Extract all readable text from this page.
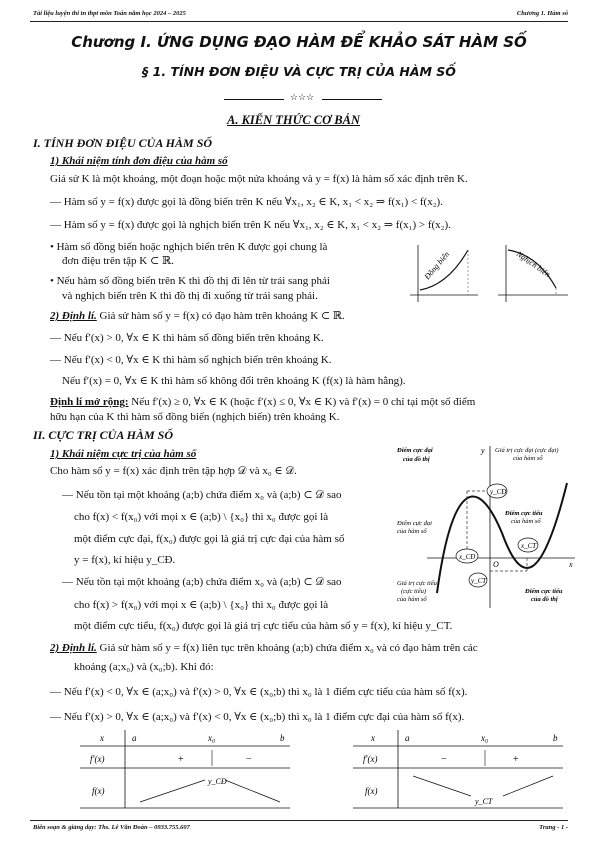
Tài liệu luyện thi tn thpt môn Toán năm học 2024 – 2025	Chương 1. Hàm số
Chương I. ỨNG DỤNG ĐẠO HÀM ĐỂ KHẢO SÁT HÀM SỐ
§ 1. TÍNH ĐƠN ĐIỆU VÀ CỰC TRỊ CỦA HÀM SỐ
☆☆☆
A. KIẾN THỨC CƠ BẢN
I. TÍNH ĐƠN ĐIỆU CỦA HÀM SỐ
1) Khái niệm tính đơn điệu của hàm số
Giả sử K là một khoảng, một đoạn hoặc một nửa khoảng và y = f(x) là hàm số xác định trên K.
— Hàm số y = f(x) được gọi là đồng biến trên K nếu ∀x₁, x₂ ∈ K, x₁ < x₂ ⇒ f(x₁) < f(x₂).
— Hàm số y = f(x) được gọi là nghịch biến trên K nếu ∀x₁, x₂ ∈ K, x₁ < x₂ ⇒ f(x₁) > f(x₂).
• Hàm số đồng biến hoặc nghịch biến trên K được gọi chung là
đơn điệu trên tập K ⊂ ℝ.
• Nếu hàm số đồng biến trên K thì đồ thị đi lên từ trái sang phải
và nghịch biến trên K thì đồ thị đi xuống từ trái sang phải.
Đồng biến	Nghịch biến
2) Định lí. Giả sử hàm số y = f(x) có đạo hàm trên khoảng K ⊂ ℝ.
— Nếu f′(x) > 0, ∀x ∈ K thì hàm số đồng biến trên khoảng K.
— Nếu f′(x) < 0, ∀x ∈ K thì hàm số nghịch biến trên khoảng K.
Nếu f′(x) = 0, ∀x ∈ K thì hàm số không đổi trên khoảng K (f(x) là hàm hằng).
Định lí mở rộng: Nếu f′(x) ≥ 0, ∀x ∈ K (hoặc f′(x) ≤ 0, ∀x ∈ K) và f′(x) = 0 chỉ tại một số điểm
hữu hạn của K thì hàm số đồng biến (nghịch biến) trên khoảng K.
II. CỰC TRỊ CỦA HÀM SỐ
1) Khái niệm cực trị của hàm số
Cho hàm số y = f(x) xác định trên tập hợp 𝒟 và x₀ ∈ 𝒟.
— Nếu tồn tại một khoảng (a;b) chứa điểm x₀ và (a;b) ⊂ 𝒟 sao
cho f(x) < f(x₀) với mọi x ∈ (a;b) \ {x₀} thì x₀ được gọi là
một điểm cực đại, f(x₀) được gọi là giá trị cực đại của hàm số
y = f(x), kí hiệu y_CĐ.
— Nếu tồn tại một khoảng (a;b) chứa điểm x₀ và (a;b) ⊂ 𝒟 sao
cho f(x) > f(x₀) với mọi x ∈ (a;b) \ {x₀} thì x₀ được gọi là
một điểm cực tiểu, f(x₀) được gọi là giá trị cực tiểu của hàm số y = f(x), kí hiệu y_CT.
y_CĐ
x_CĐ
x_CT
y_CT
O	x
y
Điểm cực đại
của đồ thị
Giá trị cực đại (cực đại)
của hàm số
Điểm cực tiểu
của hàm số
Điểm cực đại
của hàm số
Giá trị cực tiểu
(cực tiểu)
của hàm số
Điểm cực tiểu
của đồ thị
2) Định lí. Giả sử hàm số y = f(x) liên tục trên khoảng (a;b) chứa điểm x₀ và có đạo hàm trên các
khoảng (a;x₀) và (x₀;b). Khi đó:
— Nếu f′(x) < 0, ∀x ∈ (a;x₀) và f′(x) > 0, ∀x ∈ (x₀;b) thì x₀ là 1 điểm cực tiểu của hàm số f(x).
— Nếu f′(x) > 0, ∀x ∈ (a;x₀) và f′(x) < 0, ∀x ∈ (x₀;b) thì x₀ là 1 điểm cực đại của hàm số f(x).
x	a	x₀	b
f′(x)	+	−
f(x)
y_CĐ
x	a	x₀	b
f′(x)	−	+
f(x)
y_CT
Biên soạn & giảng dạy: Ths. Lê Văn Đoàn – 0933.755.607	Trang - 1 -
